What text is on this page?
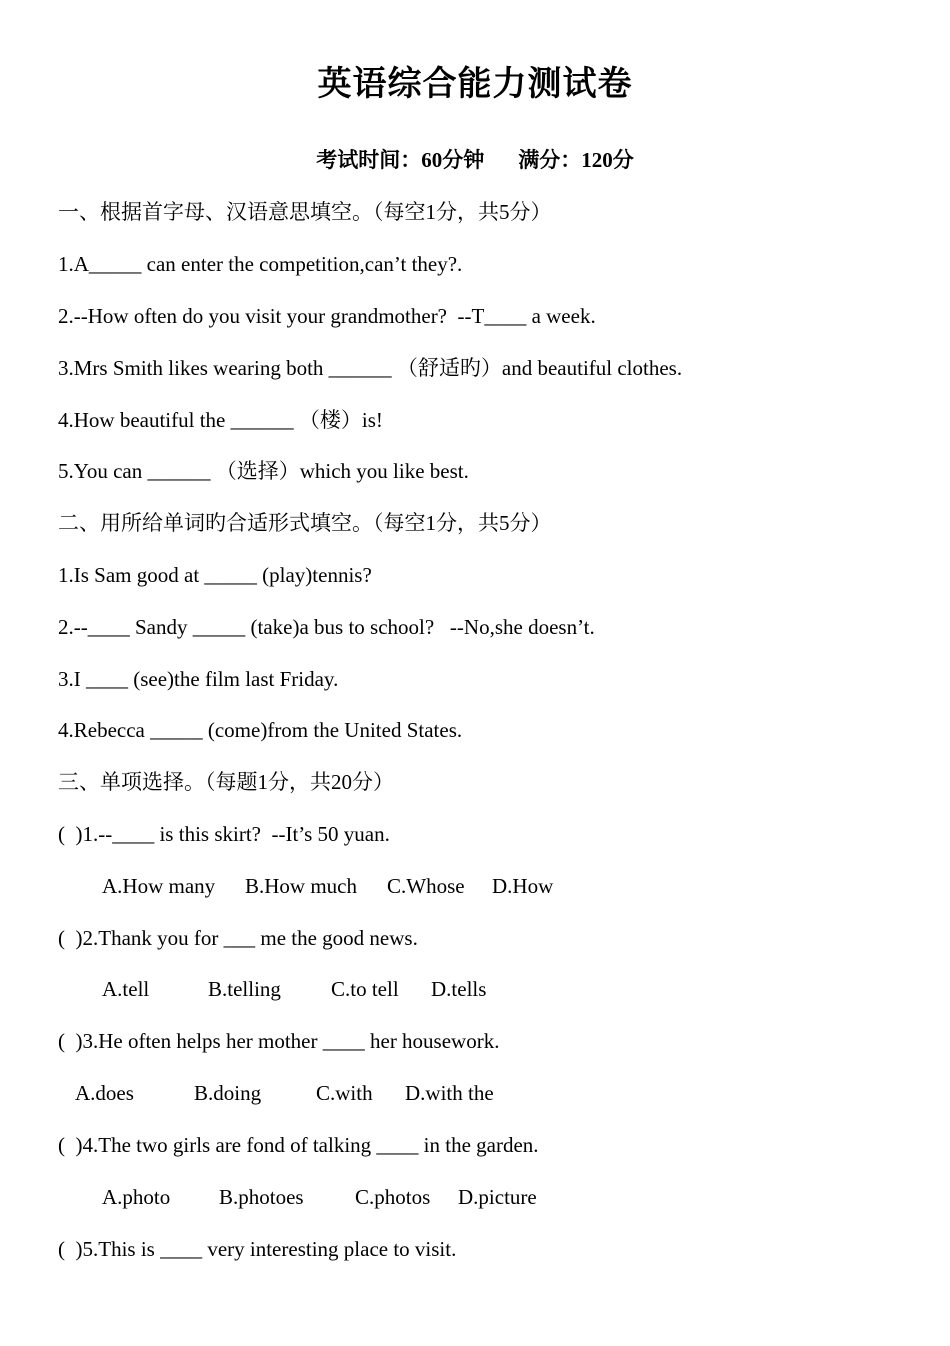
英语综合能力测试卷
考试时间：60分钟 满分：120分
一、根据首字母、汉语意思填空。（每空1分，共5分）
1.A_____ can enter the competition,can’t they?.
2.--How often do you visit your grandmother?  --T____ a week.
3.Mrs Smith likes wearing both ______ （舒适旳）and beautiful clothes.
4.How beautiful the ______ （楼）is!
5.You can ______ （选择）which you like best.
二、用所给单词旳合适形式填空。（每空1分，共5分）
1.Is Sam good at _____ (play)tennis?
2.--____ Sandy _____ (take)a bus to school?   --No,she doesn’t.
3.I ____ (see)the film last Friday.
4.Rebecca _____ (come)from the United States.
三、单项选择。（每题1分，共20分）
(  )1.--____ is this skirt?  --It’s 50 yuan.
A.How many B.How much C.Whose D.How
(  )2.Thank you for ___ me the good news.
A.tell	B.telling C.to tell D.tells
(  )3.He often helps her mother ____ her housework.
A.does	B.doing	C.with D.with the
(  )4.The two girls are fond of talking ____ in the garden.
A.photo B.photoes C.photos D.picture
(  )5.This is ____ very interesting place to visit.
